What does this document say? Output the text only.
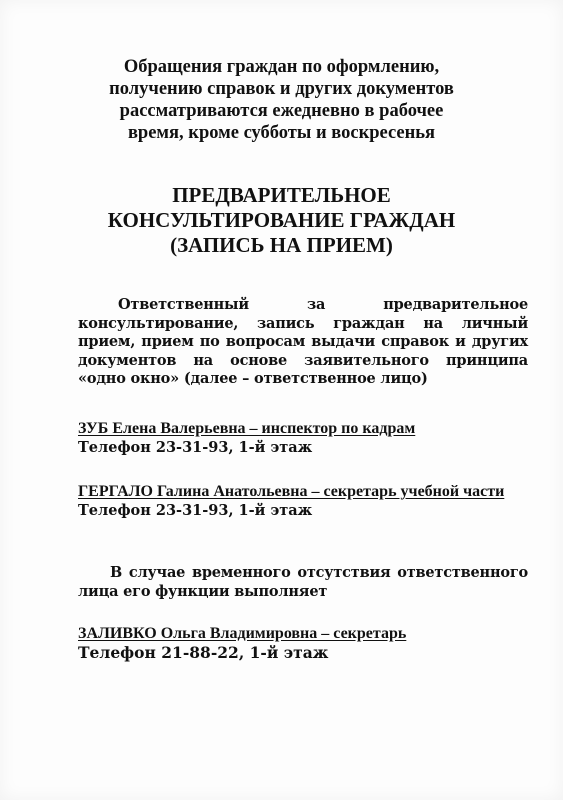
Обращения граждан по оформлению,
получению справок и других документов
рассматриваются ежедневно в рабочее
время, кроме субботы и воскресенья
ПРЕДВАРИТЕЛЬНОЕ
КОНСУЛЬТИРОВАНИЕ ГРАЖДАН
(ЗАПИСЬ НА ПРИЕМ)
Ответственный за предварительное консультирование, запись граждан на личный прием, прием по вопросам выдачи справок и других документов на основе заявительного принципа «одно окно» (далее – ответственное лицо)
ЗУБ Елена Валерьевна – инспектор по кадрам
Телефон 23-31-93, 1-й этаж
ГЕРГАЛО Галина Анатольевна – секретарь учебной части
Телефон 23-31-93, 1-й этаж
В случае временного отсутствия ответственного лица его функции выполняет
ЗАЛИВКО Ольга Владимировна – секретарь
Телефон 21-88-22, 1-й этаж
